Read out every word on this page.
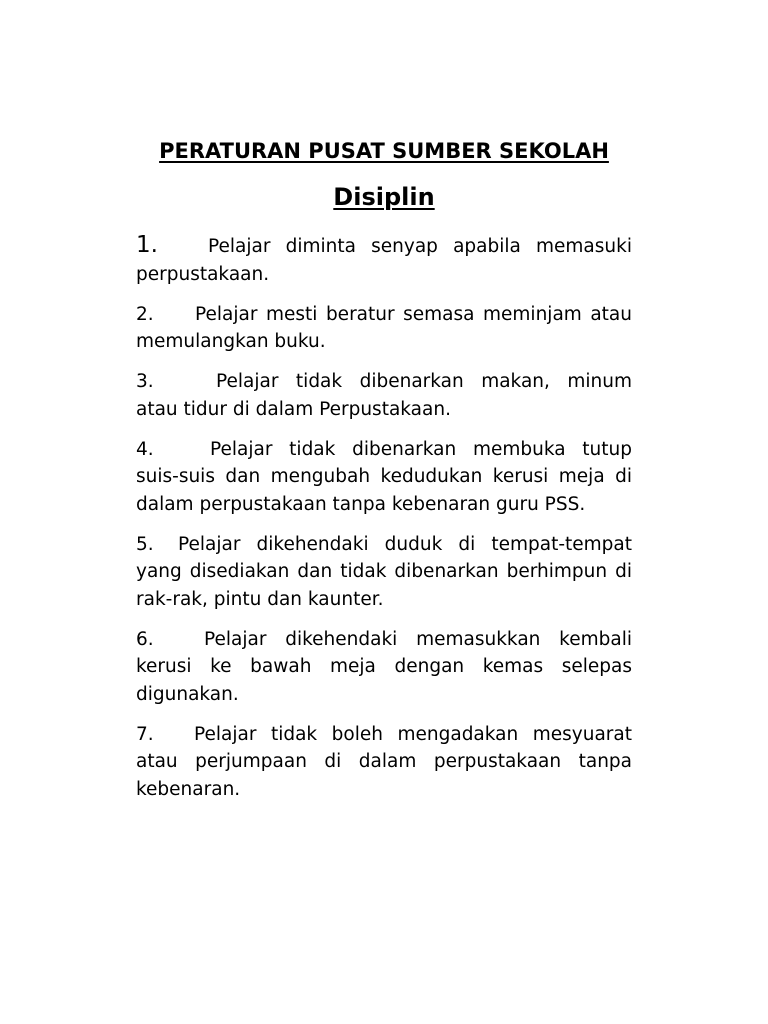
PERATURAN PUSAT SUMBER SEKOLAH
Disiplin
1.	Pelajar diminta senyap apabila memasuki perpustakaan.
2. Pelajar mesti beratur semasa meminjam atau memulangkan buku.
3.	Pelajar tidak dibenarkan makan, minum atau tidur di dalam Perpustakaan.
4.	Pelajar tidak dibenarkan membuka tutup suis-suis dan mengubah kedudukan kerusi meja di dalam perpustakaan tanpa kebenaran guru PSS.
5. Pelajar dikehendaki duduk di tempat-tempat yang disediakan dan tidak dibenarkan berhimpun di rak-rak, pintu dan kaunter.
6.	Pelajar dikehendaki memasukkan kembali kerusi ke bawah meja dengan kemas selepas digunakan.
7. Pelajar tidak boleh mengadakan mesyuarat atau perjumpaan di dalam perpustakaan tanpa kebenaran.
